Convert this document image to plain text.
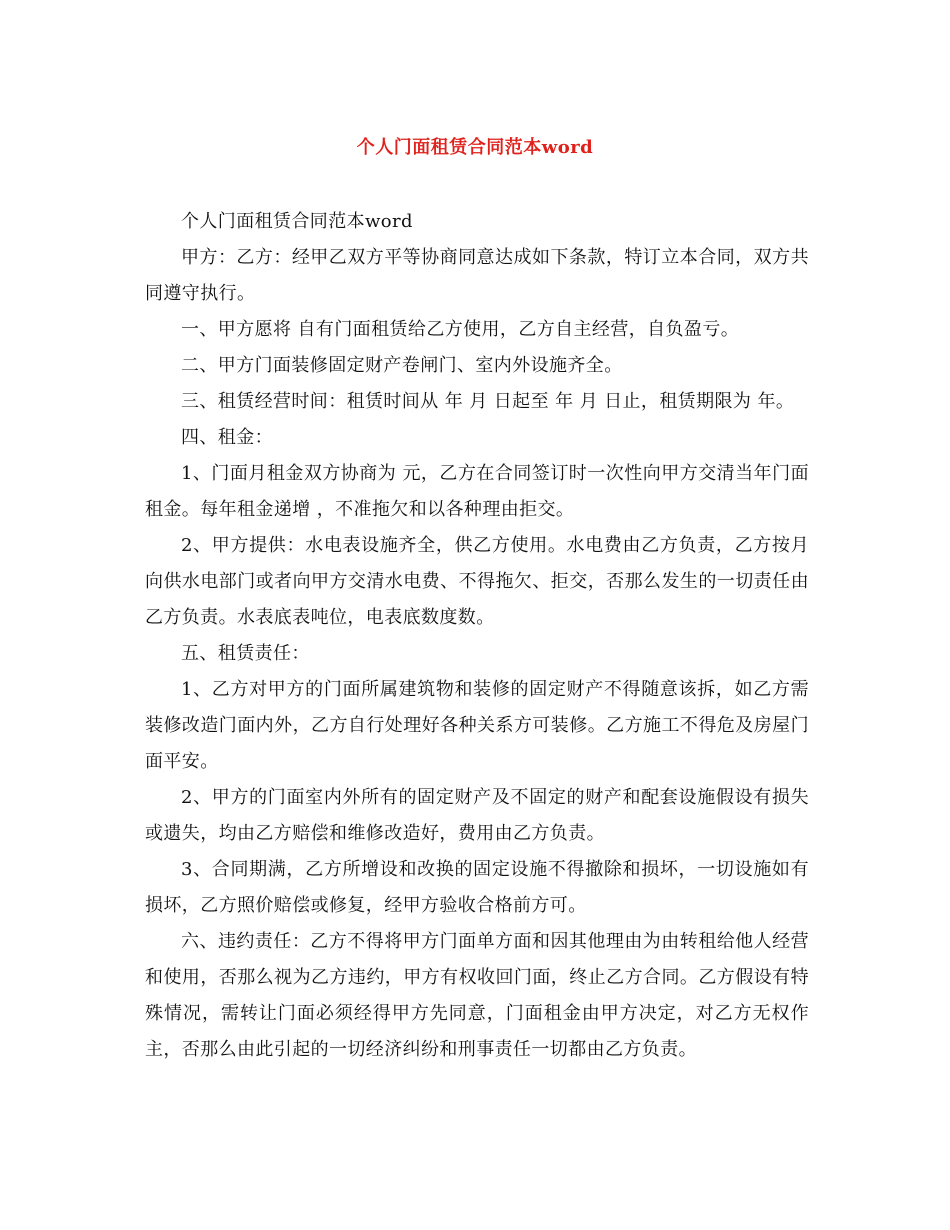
个人门面租赁合同范本word

个人门面租赁合同范本word

甲方：乙方：经甲乙双方平等协商同意达成如下条款，特订立本合同，双方共同遵守执行。

一、甲方愿将 自有门面租赁给乙方使用，乙方自主经营，自负盈亏。

二、甲方门面装修固定财产卷闸门、室内外设施齐全。

三、租赁经营时间：租赁时间从 年 月 日起至 年 月 日止，租赁期限为 年。

四、租金：

1、门面月租金双方协商为 元，乙方在合同签订时一次性向甲方交清当年门面租金。每年租金递增 ，不准拖欠和以各种理由拒交。

2、甲方提供：水电表设施齐全，供乙方使用。水电费由乙方负责，乙方按月向供水电部门或者向甲方交清水电费、不得拖欠、拒交，否那么发生的一切责任由乙方负责。水表底表吨位，电表底数度数。

五、租赁责任：

1、乙方对甲方的门面所属建筑物和装修的固定财产不得随意该拆，如乙方需装修改造门面内外，乙方自行处理好各种关系方可装修。乙方施工不得危及房屋门面平安。

2、甲方的门面室内外所有的固定财产及不固定的财产和配套设施假设有损失或遗失，均由乙方赔偿和维修改造好，费用由乙方负责。

3、合同期满，乙方所增设和改换的固定设施不得撤除和损坏，一切设施如有损坏，乙方照价赔偿或修复，经甲方验收合格前方可。

六、违约责任：乙方不得将甲方门面单方面和因其他理由为由转租给他人经营和使用，否那么视为乙方违约，甲方有权收回门面，终止乙方合同。乙方假设有特殊情况，需转让门面必须经得甲方先同意，门面租金由甲方决定，对乙方无权作主，否那么由此引起的一切经济纠纷和刑事责任一切都由乙方负责。
